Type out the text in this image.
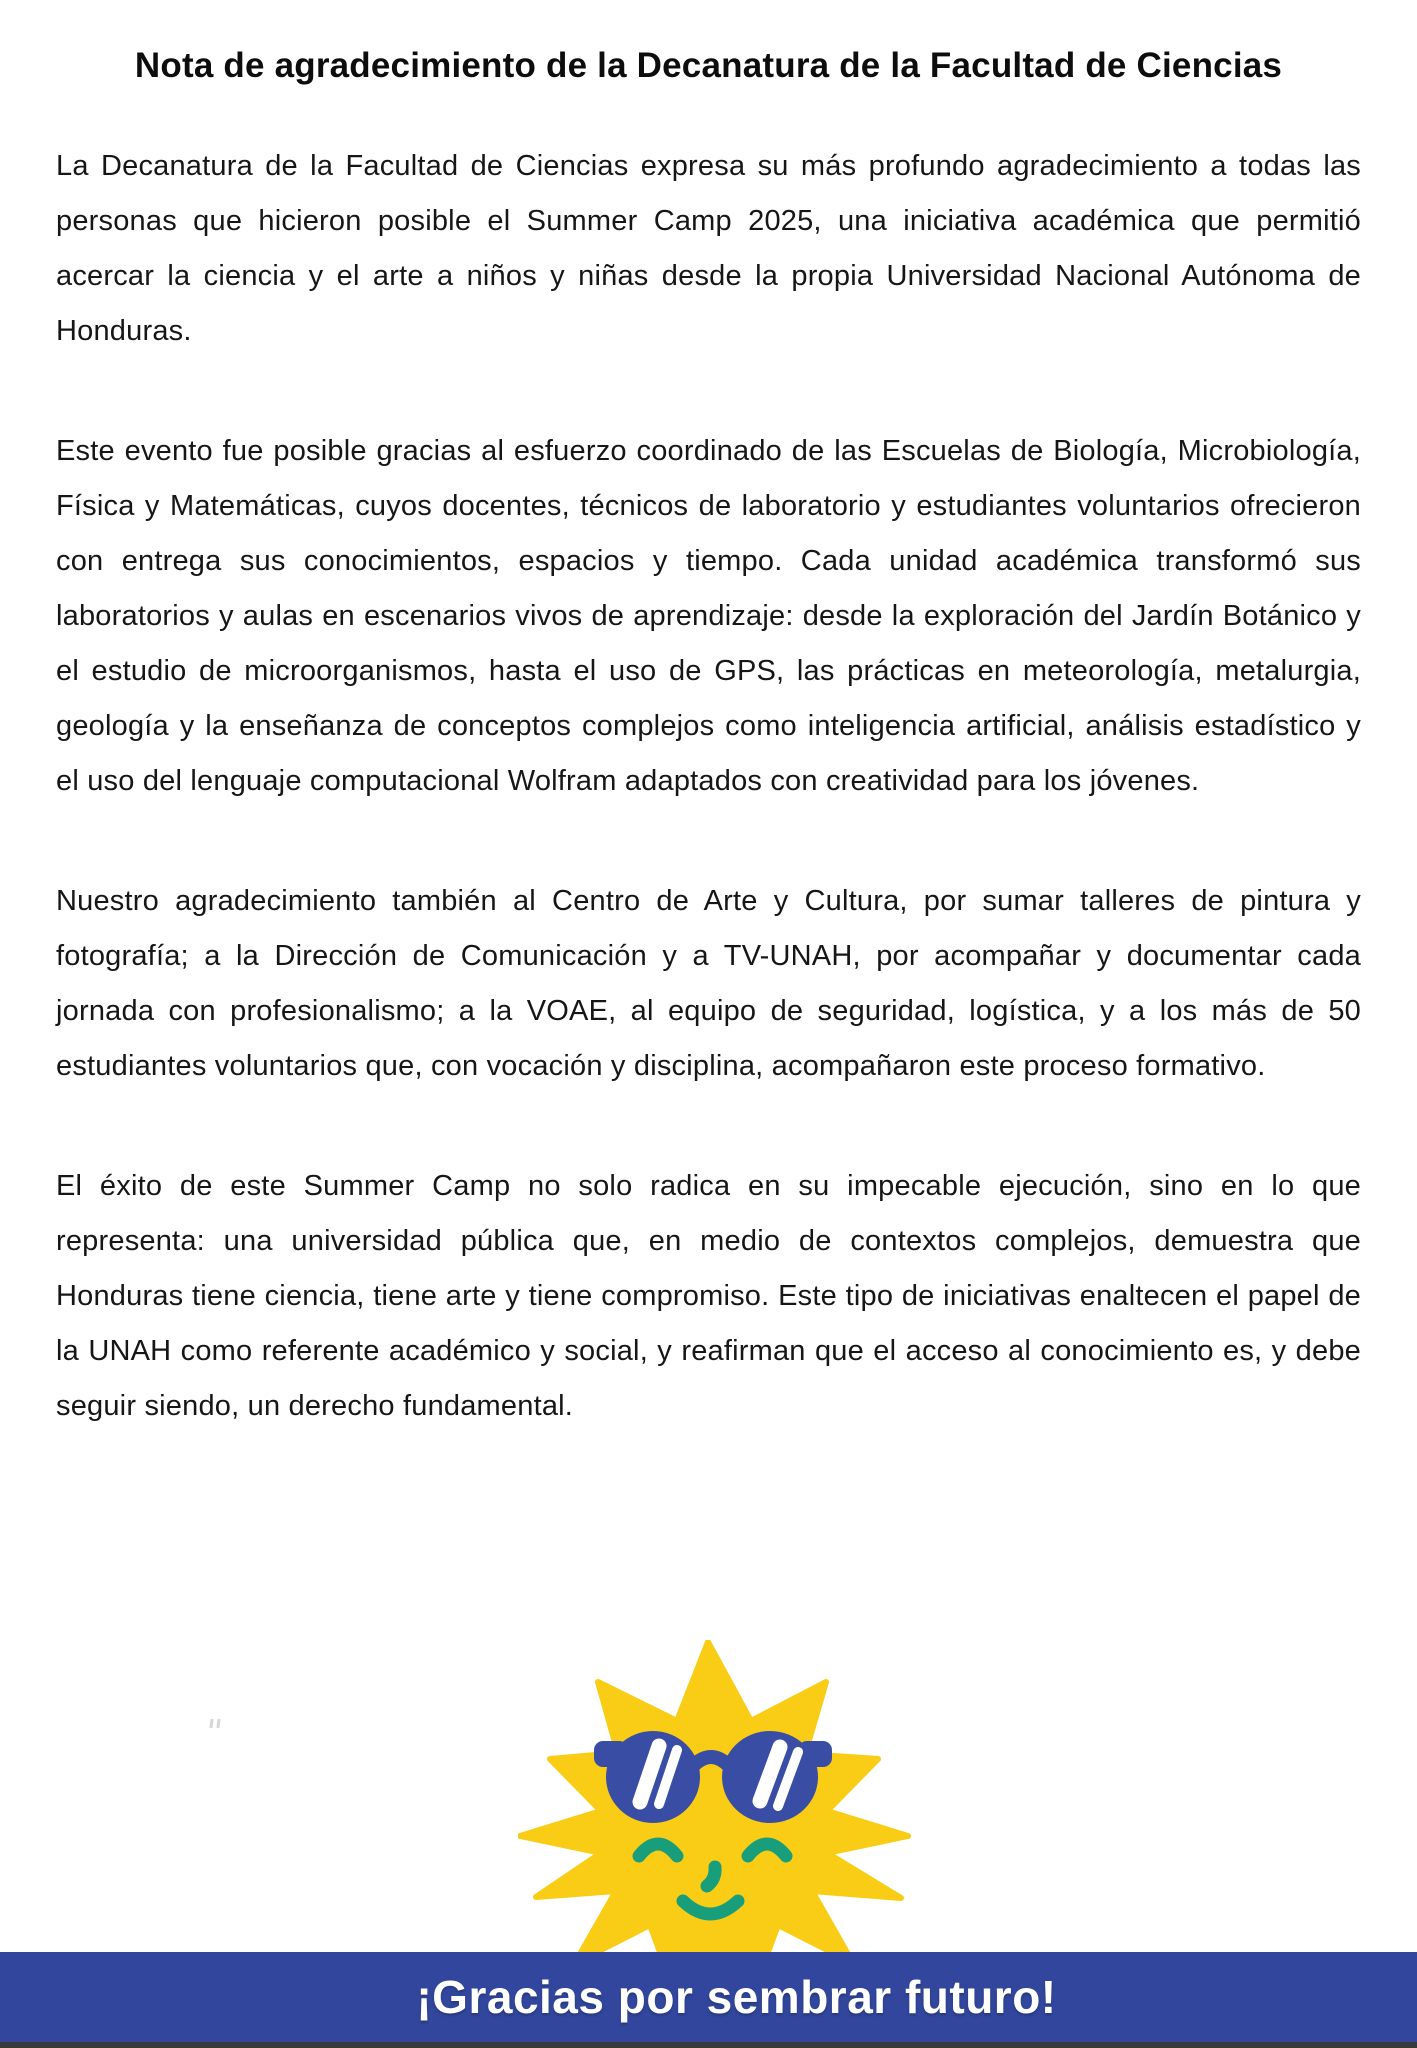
Nota de agradecimiento de la Decanatura de la Facultad de Ciencias

La Decanatura de la Facultad de Ciencias expresa su más profundo agradecimiento a todas las personas que hicieron posible el Summer Camp 2025, una iniciativa académica que permitió acercar la ciencia y el arte a niños y niñas desde la propia Universidad Nacional Autónoma de Honduras.

Este evento fue posible gracias al esfuerzo coordinado de las Escuelas de Biología, Microbiología, Física y Matemáticas, cuyos docentes, técnicos de laboratorio y estudiantes voluntarios ofrecieron con entrega sus conocimientos, espacios y tiempo. Cada unidad académica transformó sus laboratorios y aulas en escenarios vivos de aprendizaje: desde la exploración del Jardín Botánico y el estudio de microorganismos, hasta el uso de GPS, las prácticas en meteorología, metalurgia, geología y la enseñanza de conceptos complejos como inteligencia artificial, análisis estadístico y el uso del lenguaje computacional Wolfram adaptados con creatividad para los jóvenes.

Nuestro agradecimiento también al Centro de Arte y Cultura, por sumar talleres de pintura y fotografía; a la Dirección de Comunicación y a TV-UNAH, por acompañar y documentar cada jornada con profesionalismo; a la VOAE, al equipo de seguridad, logística, y a los más de 50 estudiantes voluntarios que, con vocación y disciplina, acompañaron este proceso formativo.

El éxito de este Summer Camp no solo radica en su impecable ejecución, sino en lo que representa: una universidad pública que, en medio de contextos complejos, demuestra que Honduras tiene ciencia, tiene arte y tiene compromiso. Este tipo de iniciativas enaltecen el papel de la UNAH como referente académico y social, y reafirman que el acceso al conocimiento es, y debe seguir siendo, un derecho fundamental.

¡Gracias por sembrar futuro!
